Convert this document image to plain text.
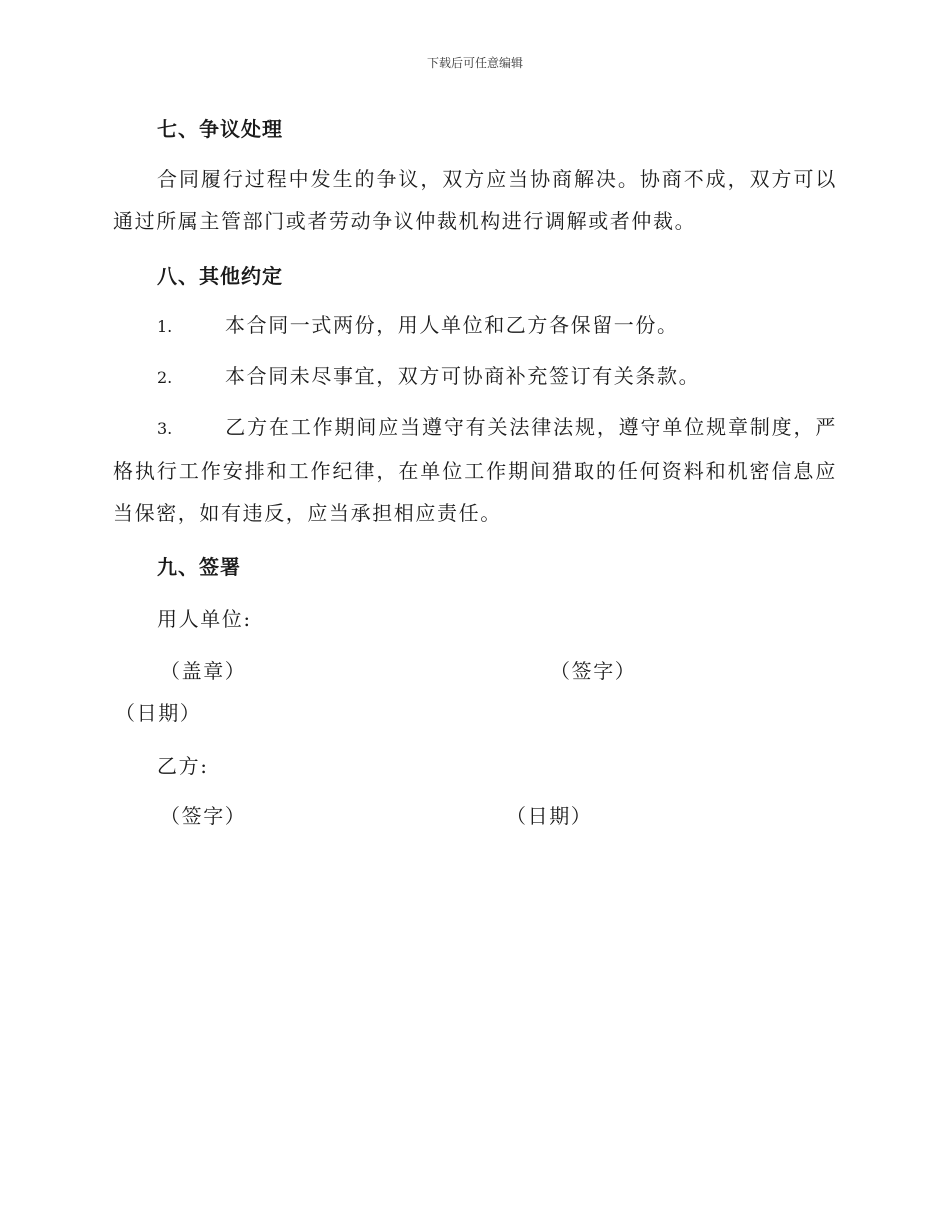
下载后可任意编辑
七、争议处理
合同履行过程中发生的争议，双方应当协商解决。协商不成，双方可以通过所属主管部门或者劳动争议仲裁机构进行调解或者仲裁。
八、其他约定
1.	本合同一式两份，用人单位和乙方各保留一份。
2.	本合同未尽事宜，双方可协商补充签订有关条款。
3.	乙方在工作期间应当遵守有关法律法规，遵守单位规章制度，严格执行工作安排和工作纪律，在单位工作期间猎取的任何资料和机密信息应当保密，如有违反，应当承担相应责任。
九、签署
用人单位:
（盖章）	（签字）
（日期）
乙方:
（签字）	（日期）
